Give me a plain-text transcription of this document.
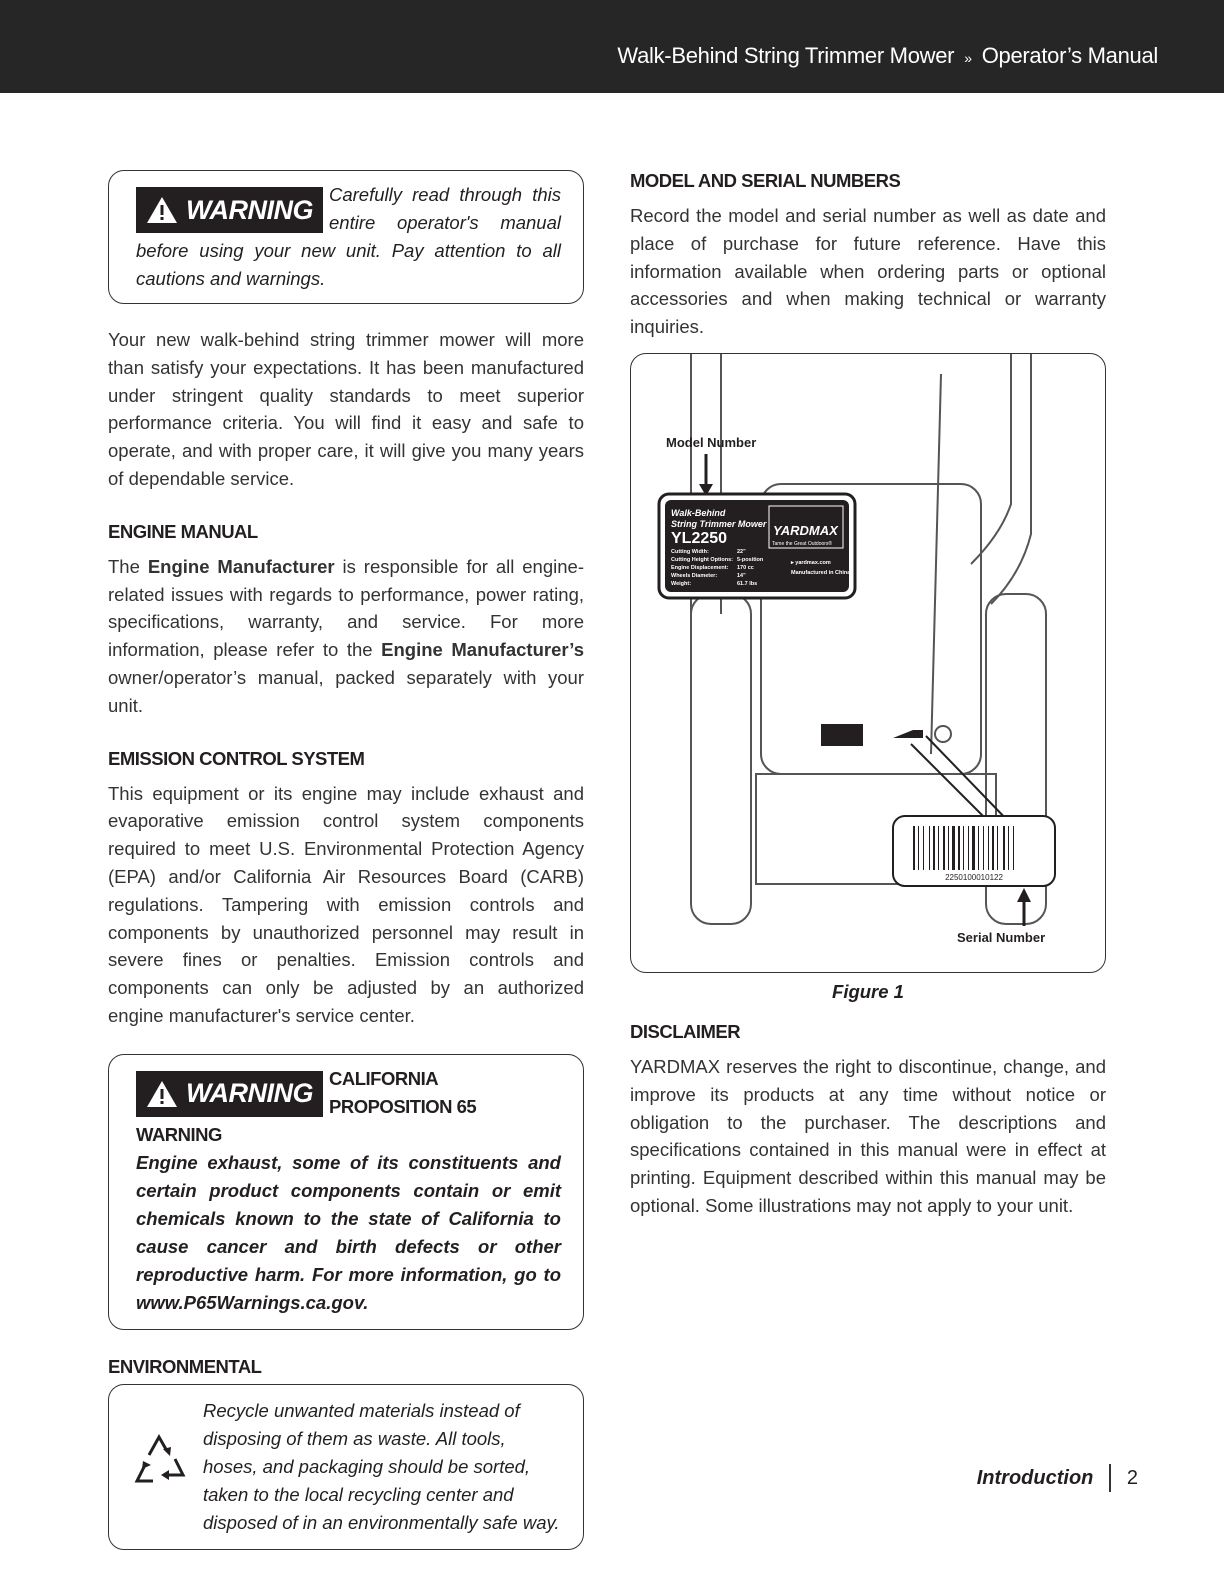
Walk-Behind String Trimmer Mower » Operator’s Manual
WARNING Carefully read through this entire operator's manual before using your new unit. Pay attention to all cautions and warnings.

Your new walk-behind string trimmer mower will more than satisfy your expectations. It has been manufactured under stringent quality standards to meet superior performance criteria. You will find it easy and safe to operate, and with proper care, it will give you many years of dependable service.

ENGINE MANUAL

The Engine Manufacturer is responsible for all engine-related issues with regards to performance, power rating, specifications, warranty, and service. For more information, please refer to the Engine Manufacturer’s owner/operator’s manual, packed separately with your unit.

EMISSION CONTROL SYSTEM

This equipment or its engine may include exhaust and evaporative emission control system components required to meet U.S. Environmental Protection Agency (EPA) and/or California Air Resources Board (CARB) regulations. Tampering with emission controls and components by unauthorized personnel may result in severe fines or penalties. Emission controls and components can only be adjusted by an authorized engine manufacturer's service center.

WARNING CALIFORNIA PROPOSITION 65 WARNING

Engine exhaust, some of its constituents and certain product components contain or emit chemicals known to the state of California to cause cancer and birth defects or other reproductive harm. For more information, go to www.P65Warnings.ca.gov.

ENVIRONMENTAL

Recycle unwanted materials instead of disposing of them as waste. All tools, hoses, and packaging should be sorted, taken to the local recycling center and disposed of in an environmentally safe way.

MODEL AND SERIAL NUMBERS

Record the model and serial number as well as date and place of purchase for future reference. Have this information available when ordering parts or optional accessories and when making technical or warranty inquiries.

Model Number
Walk-Behind
String Trimmer Mower
YL2250	YARDMAX
Tame the Great Outdoors®
Cutting Width:	22"
Cutting Height Options: 5-position
Engine Displacement: 170 cc
Wheels Diameter:	14"
Weight:	61.7 lbs
▸ yardmax.com
Manufactured in China
2250100010122
Serial Number
Figure 1
DISCLAIMER

YARDMAX reserves the right to discontinue, change, and improve its products at any time without notice or obligation to the purchaser. The descriptions and specifications contained in this manual were in effect at printing. Equipment described within this manual may be optional. Some illustrations may not apply to your unit.

Introduction 2
